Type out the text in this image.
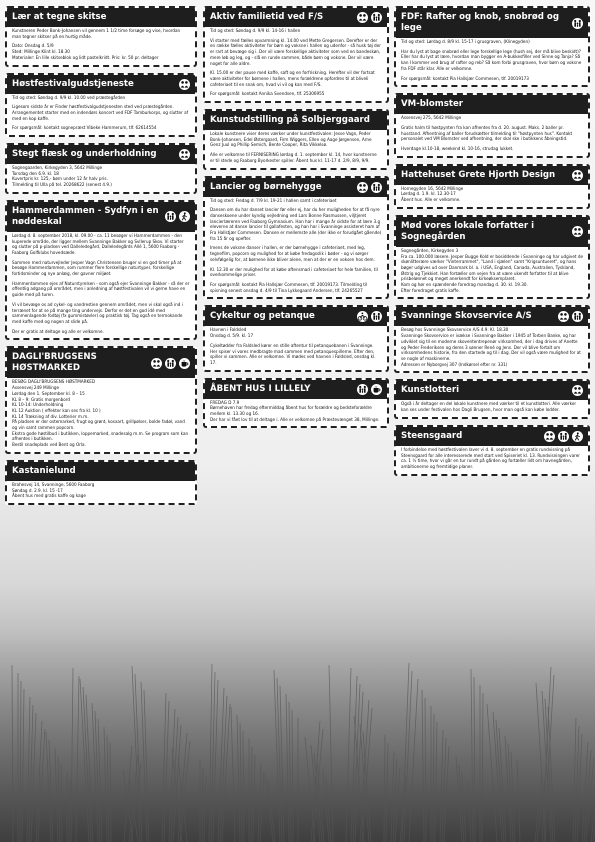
Lær at tegne skitse

Kunstneren Peder Bonk-Johansen vil gennem 1 1/2 time forsøge og vise, hvordan man tegner skitser på en hurtig måde.

Dato: Onsdag d. 5/9
Sted: Millinge Klint kl. 18.30
Materialer: En lille skitseblok og lidt pastelkridt. Pris: kr. 50 pr. deltager

Høstfestivalgudstjeneste

Tid og sted: Søndag d. 9/9 kl. 10.00 ved præstegården

Ligesom sidste år er Finder høstfestivalgudstjenesten sted ved præstegården. Arrangementet starter med en indendørs koncert ved FDF Tamburkorps, og slutter af med en kop kaffe.

For spørgsmål: kontakt sognepræst Vibeke Hammerum, tlf. 62614554

Stegt flæsk og underholdning

Sognegaarden, Kirkegyden 3, 5642 Millinge
Torsdag den 6.9. kl. 18
Kuvertpris kr. 125,- børn under 12 år halv pris.
Tilmelding til Ulla på tel. 20268622 (senest 4.9.)

Hammerdammen - Sydfyn i en nøddeskal

Lørdag d. 8. september 2018, kl. 09.00 - ca. 11 besøger vi Hammerdammen - den kuperede område, der ligger mellem Svanninge Bakker og Svllerup Skov. Vi starter og slutter på p-pladsen ved Dalleledegård, Dalleledegårds Allé 1, 5600 Faaborg - Faaborg Golfklubs hovedsæde.

Sammen med naturvejleder Jesper Vagn Christensen bruger vi en god timer på at besøge Hammerdammen, som rummer flere forskellige naturtyper, forskellige fortidsminder og nye anlæg, der gavner miljøet.

Hammerdammen ejes af Naturstyrelsen - som også ejer Svanninge Bakker - så der er offentlig adgang på området, men i anledning af høstfestivalen vil vi gerne have en guide med på turen.

Vi vil bevæge os ad cykel- og vandrestien gennem området, men vi skal også ind i terrænet for at se på mange ting undervejs. Derfor er det en god idé med sammenlagende fodtøj (fx gummistøvler) og praktisk tøj. Tag også en termokande med kaffe med og nogen at slide på.

Der er gratis at deltage og alle er velkomne.

DAGLI'BRUGSENS HØSTMARKED

BESØG DAGLI'BRUGSENS HØSTMARKED
Assensvej 249 Millinge
Lørdag den 1. September kl. 8 – 15
KL 8 – 9: Gratis morgenbord
KL 10-14: Underholdning
KL 12 Auktion ( effekter kan ses fra kl. 10 )
KL 14 Trækning af div. Lotterier m.m.
På pladsen er der ostemarked, frugt og grønt, kosxart, grillpølser, bolde fadøl, vand og vin samt rammen popcorn.
Ekstra gode høstilbud i butikken, loppemarked, snadesalg m.m. Se program som kan afhentes i butikken.
Bestil snadeplads ved Bent og Orla.

Kastanielund

Brahesvej 14, Svanninge, 5600 Faaborg
Søndag d. 2.9. kl. 15 -17
Åbent hus med gratis kaffe og kage

Aktiv familietid ved F/S

Tid og sted: Søndag d. 9/9 kl. 14-16 i hallen

Vi starter med fælles opvarmning kl. 14.00 ved Mette Gregersen. Derefter er der en række fælles aktiviteter for børn og voksne i hallen og udenfor - så husk tøj der er rart at bevæge sig i. Der vil være forskellige aktiviteter som ved en bandeskøn, mere løb og leg, og - slå en runde sammen, både børn og voksne. Der vil være noget for alle aldre.

Kl. 15.00 er der pause med kaffe, saft og en forfriskning. Herefter vil der fortsat være aktiviteter for børnene i hallen, mens forældrene opfordres til at bliveIi cafeteriaet til en snak om, hvad vi vil og kan med F/S.

For spørgsmål: kontakt Annika Svendsen, tlf. 25306955

Kunstudstilling på Solbjerggaard

Lokale kunstnere viser deres værker under kunstfestivalen: Jesse Vagn, Peder Bonk-Johansen, Edel Østergaard, Firm Wiggers, Ellen og Aage Jørgensen, Arne Genz Juul og Phillip Semich, Bente Cooper, Rita Vikkelsø.

Alle er velkomne til FERNISERING lørdag d. 1. september kl. 14, hvor kunstnerne er til stede og Faaborg Byorkester spiller. Åbent hus kl. 11-17 d. 2/9, 8/9, 9/9.

Lancier og børnehygge

Tid og sted: Fredag d. 7/9 kl. 19-21 i hallen samt i cafeteriaet

Dansen om du har danset lancier før eller ej, har du her muligheden for at få nyre danseskoene under kyndig vejledning ved Lars Bonne Rasmussen, viljtjeret lancierlæreren ved Faaborg Gymnasium. Han har i mange år sidste for at lære 3.g eleverne at danse lancier til gallafesten, og han har i Svanninge assisteret ham af Fra Hallstjær Commesen. Dansen er mellemste alle (der ikke er forudgået gående) fra 15 år og opefter.

Imens de voksne danser i hallen, er der børnehygge i cafeteriaet, med leg, tegnefilm, popcorn og mulighed for at købe fredagsslik i bøder - og vi sørger selvfølgelig for, at børnene ikke bliver alene, men at der er en voksen hos dem.

Kl. 12.30 er der mulighed for at købe aftensmad i cafeteriaet for hele familien, til overkommelige priser.

For spørgsmål: kontakt Pia Hallsjær Commesen, tlf. 20019173. Tilmelding til spisning senest onsdag d. 4/9 til Tina Lykkegaard Andersen, tlf. 24265527

Cykeltur og petanque

Havnen i Faldsled
Onsdag d. 5/9. kl. 17

Cykeltødder fra Faldsled kører en stille aftentur til petanquebanen i Svanninge. Her spiser vi vores medbragte mad sammen med petanquespillerne. Efter den, spiller vi sammen. Alle er velkomne. Vi mødes ved havnen i Faldsled, onsdag kl. 17.

ÅBENT HUS I LILLELY

FREDAG D 7.9
Børnehaven har fredag eftermiddag åbent hus for forældre og bedsteforældre mellem kl. 13.30 og 16.
Der har vi fået lov til at deltage i. Alle er velkomne på Præstevænget 38, Millinge.

FDF: Rafter og knob, snobrød og lege

Tid og sted: Lørdag d. 8/9 kl. 15-17 i grusgraven, (Klinegyden)

Har du lyst at bage snobrød eller lege forskellige lege (hush sej, der må blive beskidt)? Eller har du lyst at lære, hvordan man bygger en A-bukkesfiller ved Sinne og Tanja? Så kan I kommer ved brug af rafter og reb? Så kom forbi grusgraven, hvor børn og voksne fra FDF står klar. Alle er velkomne.

For spørgsmål: kontakt Pia Hallsjær Commesen, tlf. 20019173

VM-blomster

Assensvej 275, 5642 Millinge

Gratis halm til høstpynten fra kan afhentes fra d. 20. august. Maks. 2 baller pr. husstand. Afhentning af baller forudsætter tilmelding til "høstpynten hus". Kontakt personalet ved VM Blomster ved afhentning, der skal ske i butikkens åbningstid.

Hverdage kl.10-18, weekend kl. 10-16, strudag lukket.

Hattehuset Grete Hjorth Design

Hornegyden 16, 5642 Millinge
Lørdag d. 1.9. kl. 12.30-17
Åbent hus. Alle er velkomne.

Mød vores lokale forfatter i Sognegården

Sognegården, Kirkegyden 3
Fra ca. 100.000 læsere. Jesper Bugge Kold er bosiddende i Svanninge og har udgivet de skønlitterære værker "Vinterrammet", "Land i sjælen" samt "Krigsuntueret", og hans bøger udgives ud over Danmark bl. a. i USA, England, Canada, Australien, Tyskland, Østrig og Tjekkiet. Han fortæller om vejen fra at være ukendt forfatter til at blive prisbelønnet og meget anerkendt for kirkeøksemplaret.
Kom og hør en spændende foredrag mandag d. 30. kl. 19.30.
Efter foredraget gratis kaffe.

Svanninge Skovservice A/S

Besøg hos Svanninge Skovservice A/S 4.9. Kl. 18.30
Svanninge Skovservice er ivækse i Svanninge Bakker i 1945 af Torben Banke, og har udviklet sig til en moderne skovententrepenør virksomhed, der i dag drives af Anette og Peder Frederiksen og deres 3 sønner René og Jens. Der vil blive fortalt om virksomhedens historie, fra den startede og til i dag. Der vil også være mulighed for at se nogle af maskinerne.
Adressen er Nyborgvej 307 (Indkørsel efter nr. 331)

Kunstlotteri

Også i år deltager en del lokale kunstnere med værker til et kunstlotteri. Alle værker kan ses under festivalen hos Dagli Brugsen, hvor man også kan købe lodder.

Steensgaard

I forbindelse med høstfestivalen laver vi d. 8. september en gratis rundvisning på Steensgaard for alle interesserede med start ved Spiseriet kl. 13. Rundvisningen varer ca. 1 ½ time, hvor vi går en tur rundt på gården og fortæller lidt om havnegården, ambitionerne og fremtidige planer.
